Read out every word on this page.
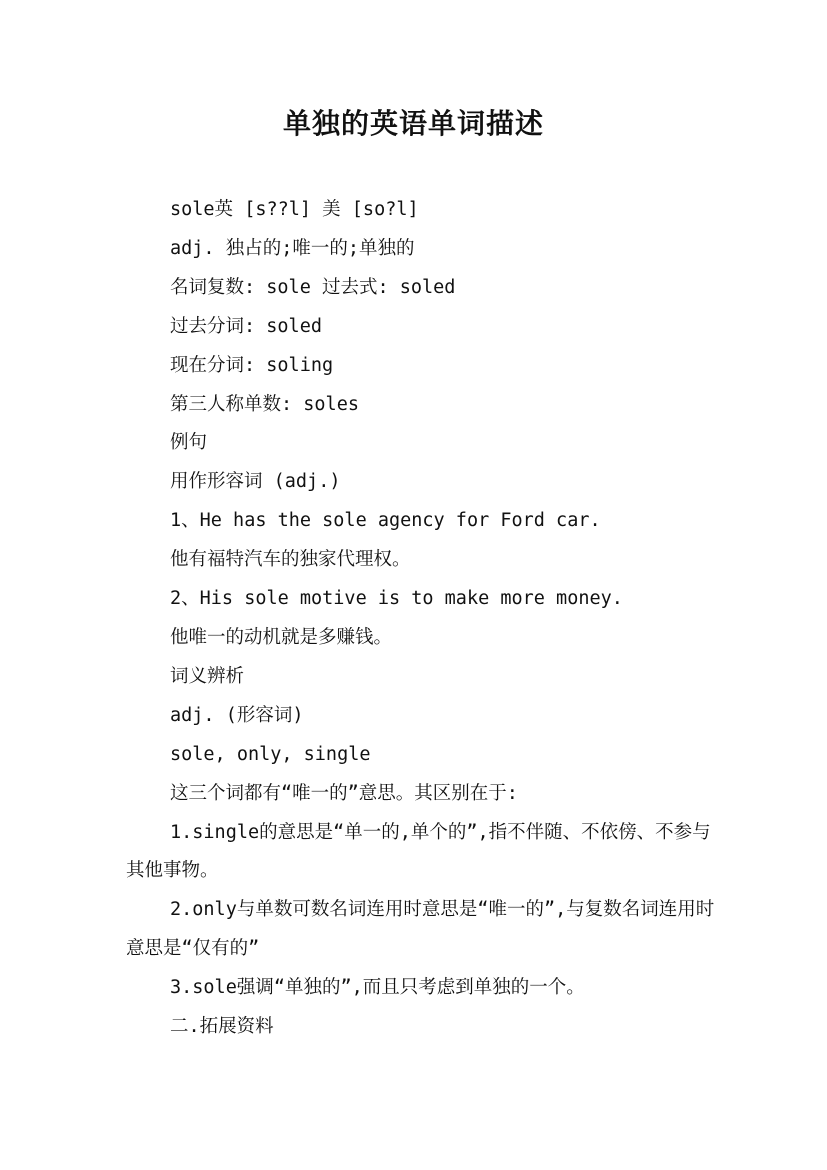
单独的英语单词描述
sole英 [s??l] 美 [so?l]
adj. 独占的;唯一的;单独的
名词复数: sole 过去式: soled
过去分词: soled
现在分词: soling
第三人称单数: soles
例句
用作形容词 (adj.)
1、He has the sole agency for Ford car.
他有福特汽车的独家代理权。
2、His sole motive is to make more money.
他唯一的动机就是多赚钱。
词义辨析
adj. (形容词)
sole, only, single
这三个词都有“唯一的”意思。其区别在于:
1.single的意思是“单一的,单个的”,指不伴随、不依傍、不参与其他事物。
2.only与单数可数名词连用时意思是“唯一的”,与复数名词连用时意思是“仅有的”
3.sole强调“单独的”,而且只考虑到单独的一个。
二.拓展资料
